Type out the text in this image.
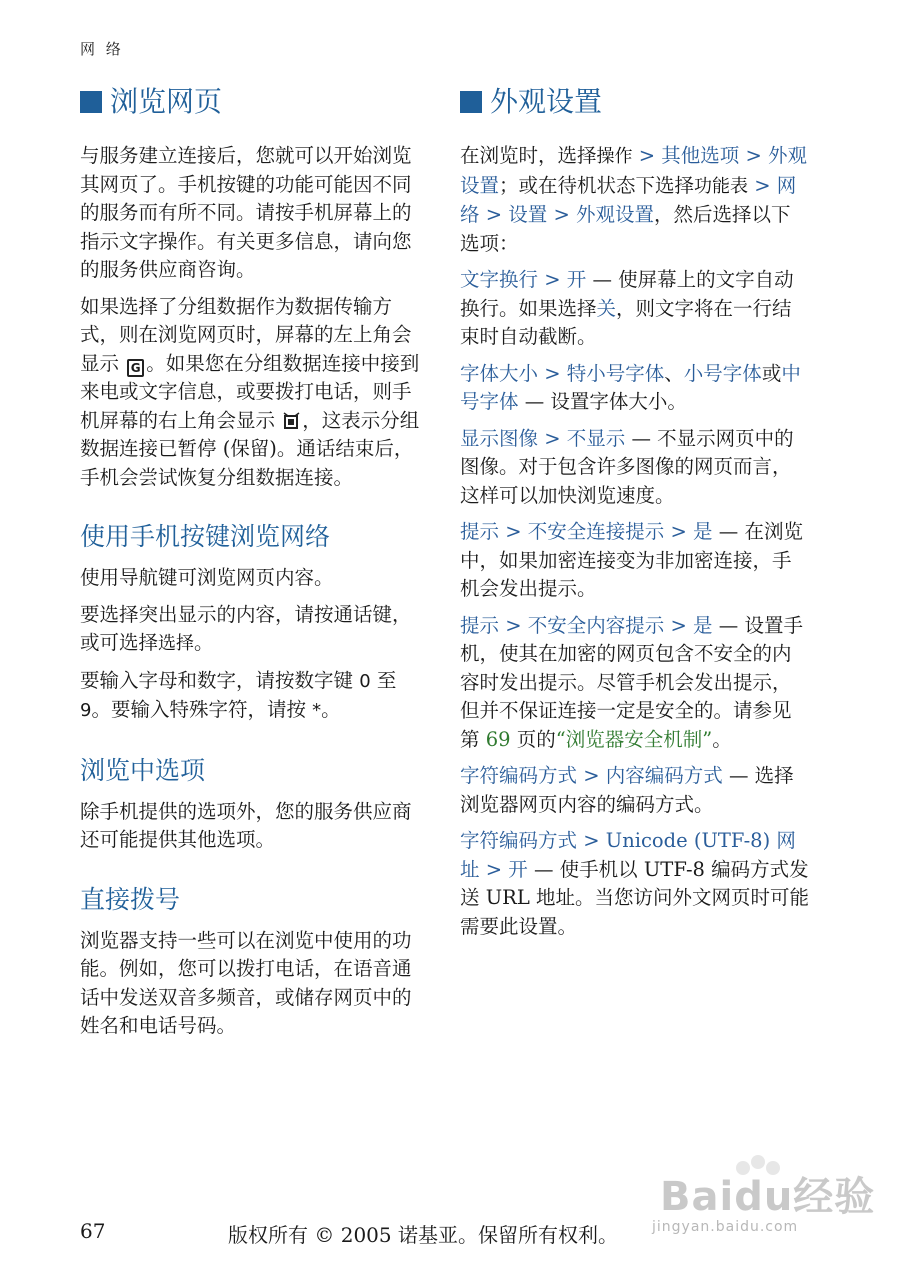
网 络
浏览网页

与服务建立连接后，您就可以开始浏览其网页了。手机按键的功能可能因不同的服务而有所不同。请按手机屏幕上的指示文字操作。有关更多信息，请向您的服务供应商咨询。

如果选择了分组数据作为数据传输方式，则在浏览网页时，屏幕的左上角会显示 G 。如果您在分组数据连接中接到来电或文字信息，或要拨打电话，则手机屏幕的右上角会显示 ，这表示分组数据连接已暂停 (保留)。通话结束后，手机会尝试恢复分组数据连接。

使用手机按键浏览网络

使用导航键可浏览网页内容。

要选择突出显示的内容，请按通话键，或可选择选择。

要输入字母和数字，请按数字键 0 至 9。要输入特殊字符，请按 *。

浏览中选项

除手机提供的选项外，您的服务供应商还可能提供其他选项。

直接拨号

浏览器支持一些可以在浏览中使用的功能。例如，您可以拨打电话，在语音通话中发送双音多频音，或储存网页中的姓名和电话号码。

外观设置

在浏览时，选择操作 > 其他选项 > 外观设置；或在待机状态下选择功能表 > 网络 > 设置 > 外观设置，然后选择以下选项：

文字换行 > 开 — 使屏幕上的文字自动换行。如果选择关，则文字将在一行结束时自动截断。

字体大小 > 特小号字体、小号字体或中号字体 — 设置字体大小。

显示图像 > 不显示 — 不显示网页中的图像。对于包含许多图像的网页而言，这样可以加快浏览速度。

提示 > 不安全连接提示 > 是 — 在浏览中，如果加密连接变为非加密连接，手机会发出提示。

提示 > 不安全内容提示 > 是 — 设置手机，使其在加密的网页包含不安全的内容时发出提示。尽管手机会发出提示，但并不保证连接一定是安全的。请参见第 69 页的“浏览器安全机制”。

字符编码方式 > 内容编码方式 — 选择浏览器网页内容的编码方式。

字符编码方式 > Unicode (UTF-8) 网址 > 开 — 使手机以 UTF-8 编码方式发送 URL 地址。当您访问外文网页时可能需要此设置。

Baidu经验
jingyan.baidu.com
67	版权所有 © 2005 诺基亚。保留所有权利。
